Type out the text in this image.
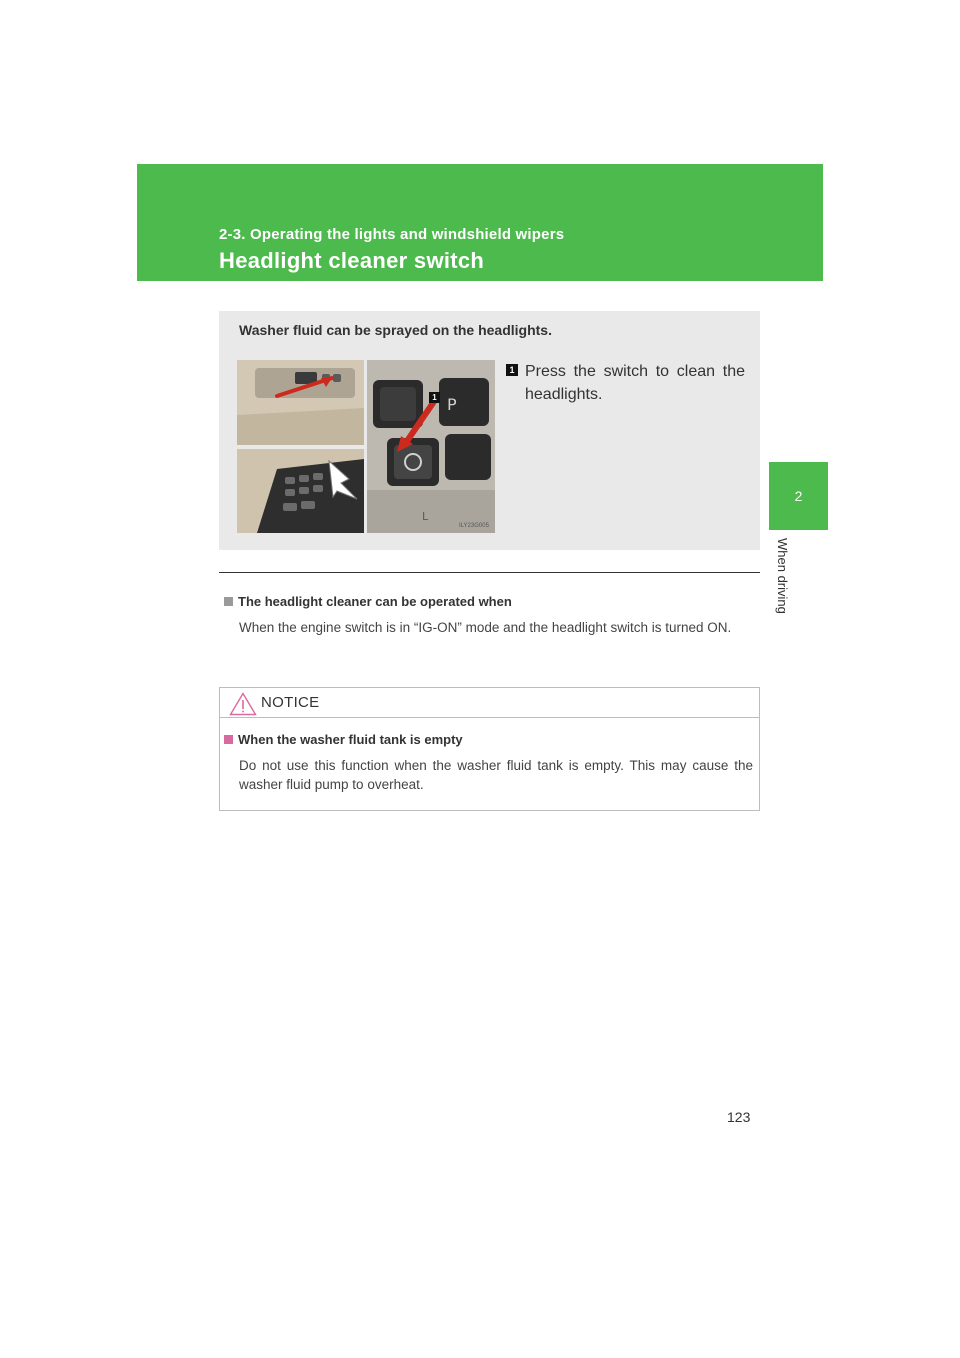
2-3. Operating the lights and windshield wipers
Headlight cleaner switch
2
When driving
Washer fluid can be sprayed on the headlights.
P
L
1
ILY23G005
1 Press the switch to clean the headlights.
The headlight cleaner can be operated when
When the engine switch is in “IG-ON” mode and the headlight switch is turned ON.
NOTICE
When the washer fluid tank is empty
Do not use this function when the washer fluid tank is empty. This may cause the washer fluid pump to overheat.
123
